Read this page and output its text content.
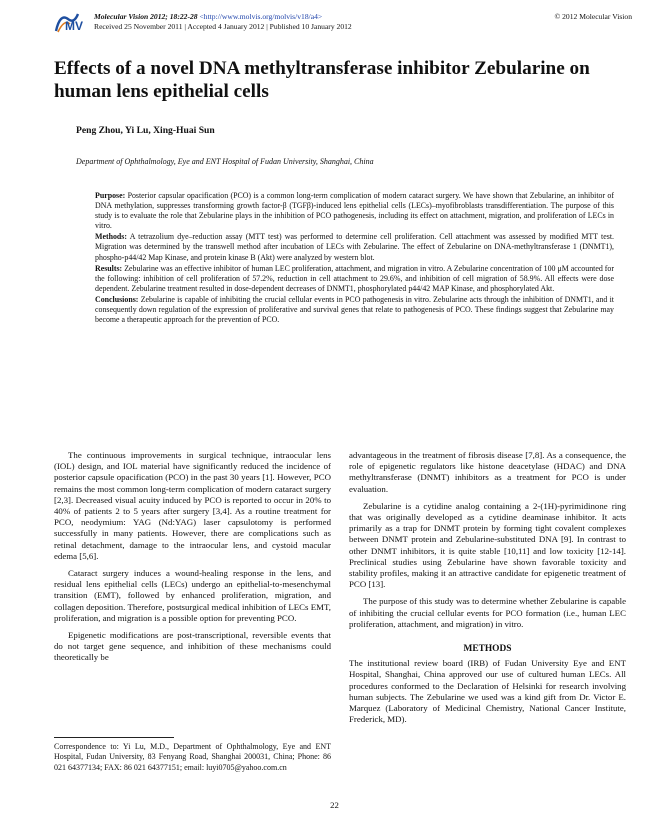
MV
Molecular Vision 2012; 18:22-28 <http://www.molvis.org/molvis/v18/a4>
Received 25 November 2011 | Accepted 4 January 2012 | Published 10 January 2012
© 2012 Molecular Vision
Effects of a novel DNA methyltransferase inhibitor Zebularine on human lens epithelial cells

Peng Zhou, Yi Lu, Xing-Huai Sun

Department of Ophthalmology, Eye and ENT Hospital of Fudan University, Shanghai, China

Purpose: Posterior capsular opacification (PCO) is a common long-term complication of modern cataract surgery. We have shown that Zebularine, an inhibitor of DNA methylation, suppresses transforming growth factor-β (TGFβ)-induced lens epithelial cells (LECs)–myofibroblasts transdifferentiation. The purpose of this study is to evaluate the role that Zebularine plays in the inhibition of PCO pathogenesis, including its effect on attachment, migration, and proliferation of LECs in vitro.

Methods: A tetrazolium dye–reduction assay (MTT test) was performed to determine cell proliferation. Cell attachment was assessed by modified MTT test. Migration was determined by the transwell method after incubation of LECs with Zebularine. The effect of Zebularine on DNA-methyltransferase 1 (DNMT1), phospho-p44/42 Map Kinase, and protein kinase B (Akt) were analyzed by western blot.

Results: Zebularine was an effective inhibitor of human LEC proliferation, attachment, and migration in vitro. A Zebularine concentration of 100 μM accounted for the following: inhibition of cell proliferation of 57.2%, reduction in cell attachment to 29.6%, and inhibition of cell migration of 58.9%. All effects were dose dependent. Zebularine treatment resulted in dose-dependent decreases of DNMT1, phosphorylated p44/42 MAP Kinase, and phosphorylated Akt.

Conclusions: Zebularine is capable of inhibiting the crucial cellular events in PCO pathogenesis in vitro. Zebularine acts through the inhibition of DNMT1, and it consequently down regulation of the expression of proliferative and survival genes that relate to pathogenesis of PCO. These findings suggest that Zebularine may become a therapeutic approach for the prevention of PCO.

The continuous improvements in surgical technique, intraocular lens (IOL) design, and IOL material have significantly reduced the incidence of posterior capsule opacification (PCO) in the past 30 years [1]. However, PCO remains the most common long-term complication of modern cataract surgery [2,3]. Decreased visual acuity induced by PCO is reported to occur in 20% to 40% of patients 2 to 5 years after surgery [3,4]. As a routine treatment for PCO, neodymium: YAG (Nd:YAG) laser capsulotomy is performed successfully in many patients. However, there are complications such as retinal detachment, damage to the intraocular lens, and cystoid macular edema [5,6].

Cataract surgery induces a wound-healing response in the lens, and residual lens epithelial cells (LECs) undergo an epithelial-to-mesenchymal transition (EMT), followed by enhanced proliferation, migration, and collagen deposition. Therefore, postsurgical medical inhibition of LECs EMT, proliferation, and migration is a possible option for preventing PCO.

Epigenetic modifications are post-transcriptional, reversible events that do not target gene sequence, and inhibition of these mechanisms could theoretically be

advantageous in the treatment of fibrosis disease [7,8]. As a consequence, the role of epigenetic regulators like histone deacetylase (HDAC) and DNA methyltransferase (DNMT) inhibitors as a treatment for PCO is under evaluation.

Zebularine is a cytidine analog containing a 2-(1H)-pyrimidinone ring that was originally developed as a cytidine deaminase inhibitor. It acts primarily as a trap for DNMT protein by forming tight covalent complexes between DNMT protein and Zebularine-substituted DNA [9]. In contrast to other DNMT inhibitors, it is quite stable [10,11] and low toxicity [12-14]. Preclinical studies using Zebularine have shown favorable toxicity and stability profiles, making it an attractive candidate for epigenetic treatment of PCO [13].

The purpose of this study was to determine whether Zebularine is capable of inhibiting the crucial cellular events for PCO formation (i.e., human LEC proliferation, attachment, and migration) in vitro.

METHODS

The institutional review board (IRB) of Fudan University Eye and ENT Hospital, Shanghai, China approved our use of cultured human LECs. All procedures conformed to the Declaration of Helsinki for research involving human subjects. The Zebularine we used was a kind gift from Dr. Victor E. Marquez (Laboratory of Medicinal Chemistry, National Cancer Institute, Frederick, MD).

Correspondence to: Yi Lu, M.D., Department of Ophthalmology, Eye and ENT Hospital, Fudan University, 83 Fenyang Road, Shanghai 200031, China; Phone: 86 021 64377134; FAX: 86 021 64377151; email: luyi0705@yahoo.com.cn
22
